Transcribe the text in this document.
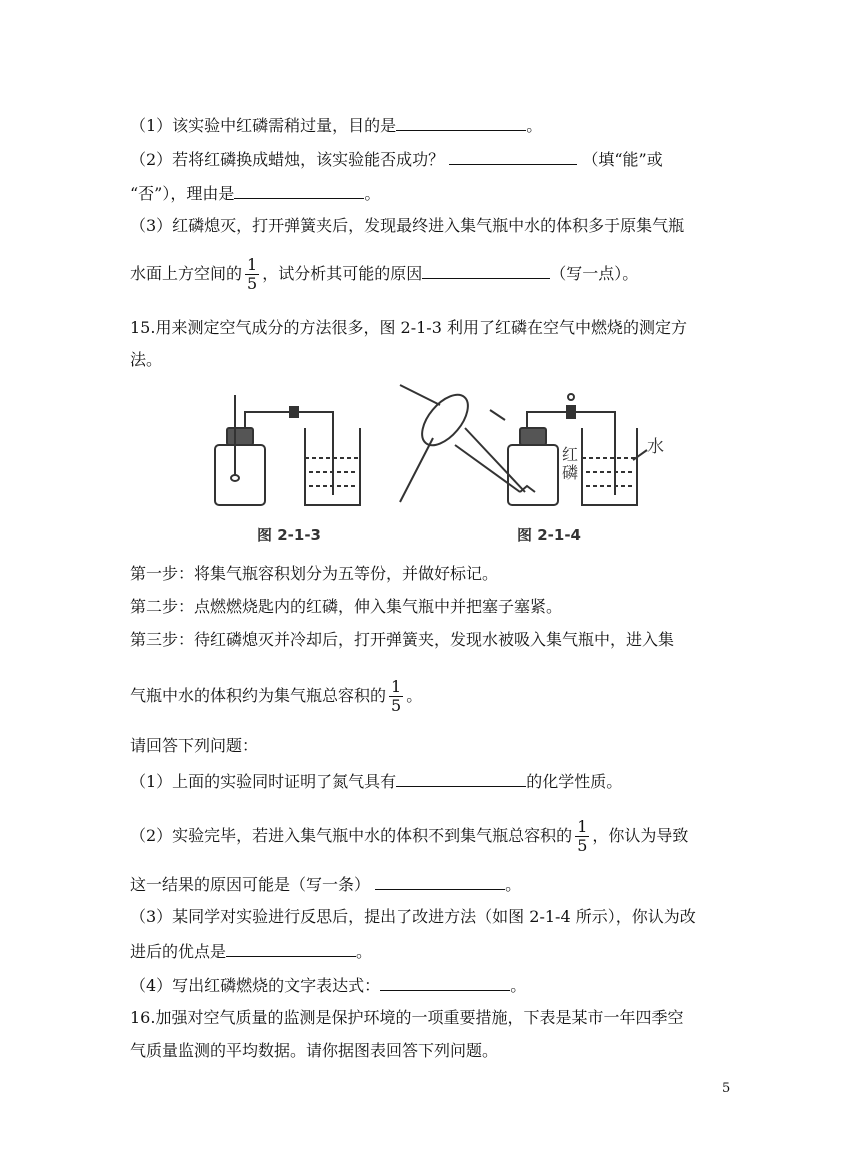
（1）该实验中红磷需稍过量，目的是	。
（2）若将红磷换成蜡烛，该实验能否成功？	（填“能”或
“否”），理由是	。
（3）红磷熄灭，打开弹簧夹后，发现最终进入集气瓶中水的体积多于原集气瓶
水面上方空间的 $\frac{1}{5}$ ，试分析其可能的原因	（写一点）。
15.用来测定空气成分的方法很多，图 2-1-3 利用了红磷在空气中燃烧的测定方
法。
图 2-1-3	图 2-1-4
红
磷
水
第一步：将集气瓶容积划分为五等份，并做好标记。
第二步：点燃燃烧匙内的红磷，伸入集气瓶中并把塞子塞紧。
第三步：待红磷熄灭并冷却后，打开弹簧夹，发现水被吸入集气瓶中，进入集
气瓶中水的体积约为集气瓶总容积的 $\frac{1}{5}$ 。
请回答下列问题：
（1）上面的实验同时证明了氮气具有	的化学性质。
（2）实验完毕，若进入集气瓶中水的体积不到集气瓶总容积的 $\frac{1}{5}$ ，你认为导致
这一结果的原因可能是（写一条）	。
（3）某同学对实验进行反思后，提出了改进方法（如图 2-1-4 所示），你认为改
进后的优点是	。
（4）写出红磷燃烧的文字表达式：	。
16.加强对空气质量的监测是保护环境的一项重要措施，下表是某市一年四季空
气质量监测的平均数据。请你据图表回答下列问题。
5
